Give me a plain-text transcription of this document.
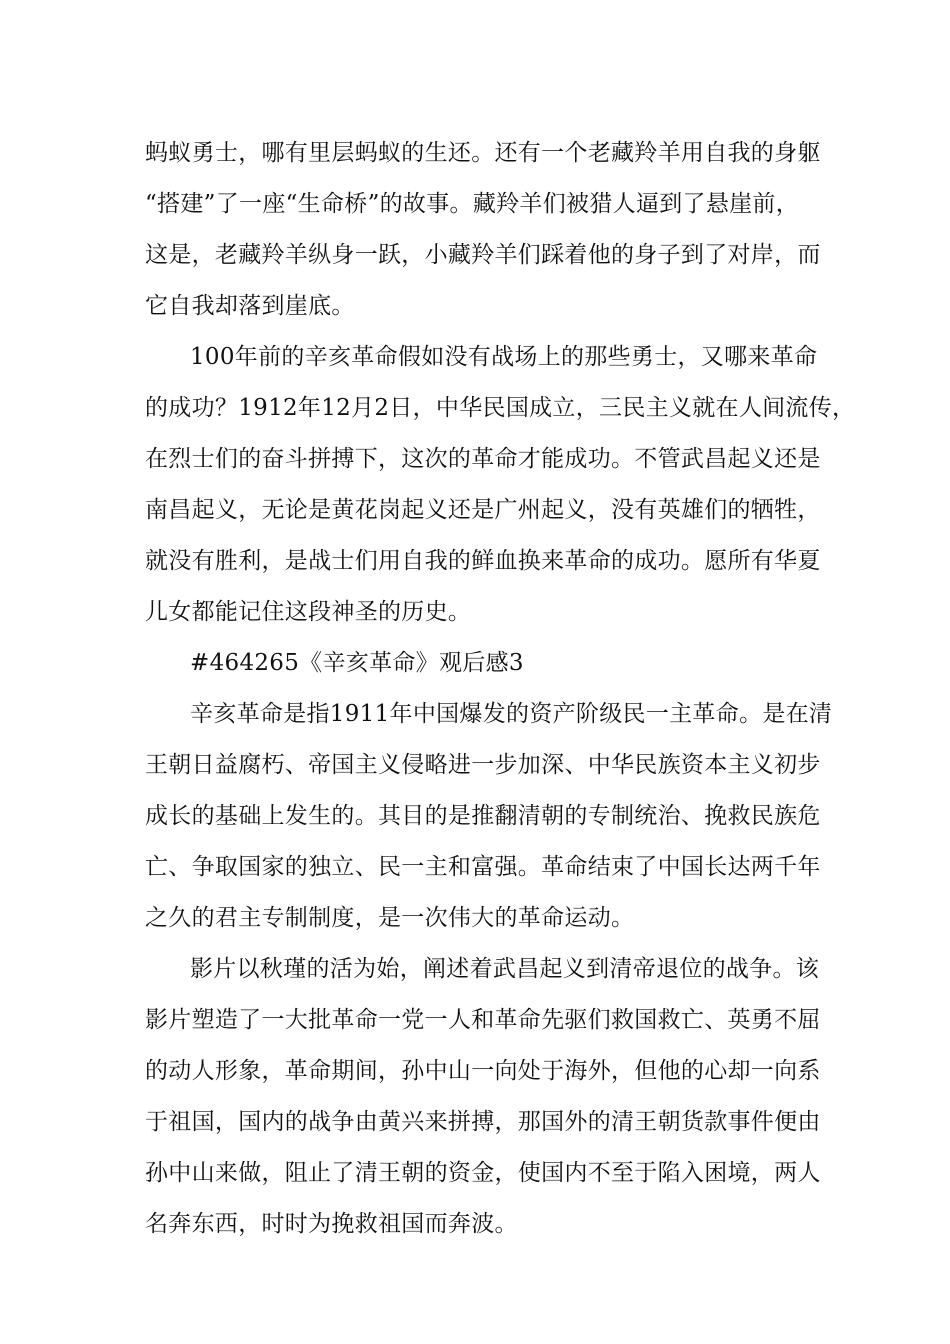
蚂蚁勇士，哪有里层蚂蚁的生还。还有一个老藏羚羊用自我的身躯
“搭建”了一座“生命桥”的故事。藏羚羊们被猎人逼到了悬崖前，
这是，老藏羚羊纵身一跃，小藏羚羊们踩着他的身子到了对岸，而
它自我却落到崖底。
100年前的辛亥革命假如没有战场上的那些勇士，又哪来革命
的成功？1912年12月2日，中华民国成立，三民主义就在人间流传，
在烈士们的奋斗拼搏下，这次的革命才能成功。不管武昌起义还是
南昌起义，无论是黄花岗起义还是广州起义，没有英雄们的牺牲，
就没有胜利，是战士们用自我的鲜血换来革命的成功。愿所有华夏
儿女都能记住这段神圣的历史。
#464265《辛亥革命》观后感3
辛亥革命是指1911年中国爆发的资产阶级民一主革命。是在清
王朝日益腐朽、帝国主义侵略进一步加深、中华民族资本主义初步
成长的基础上发生的。其目的是推翻清朝的专制统治、挽救民族危
亡、争取国家的独立、民一主和富强。革命结束了中国长达两千年
之久的君主专制制度，是一次伟大的革命运动。
影片以秋瑾的活为始，阐述着武昌起义到清帝退位的战争。该
影片塑造了一大批革命一党一人和革命先驱们救国救亡、英勇不屈
的动人形象，革命期间，孙中山一向处于海外，但他的心却一向系
于祖国，国内的战争由黄兴来拼搏，那国外的清王朝货款事件便由
孙中山来做，阻止了清王朝的资金，使国内不至于陷入困境，两人
名奔东西，时时为挽救祖国而奔波。
